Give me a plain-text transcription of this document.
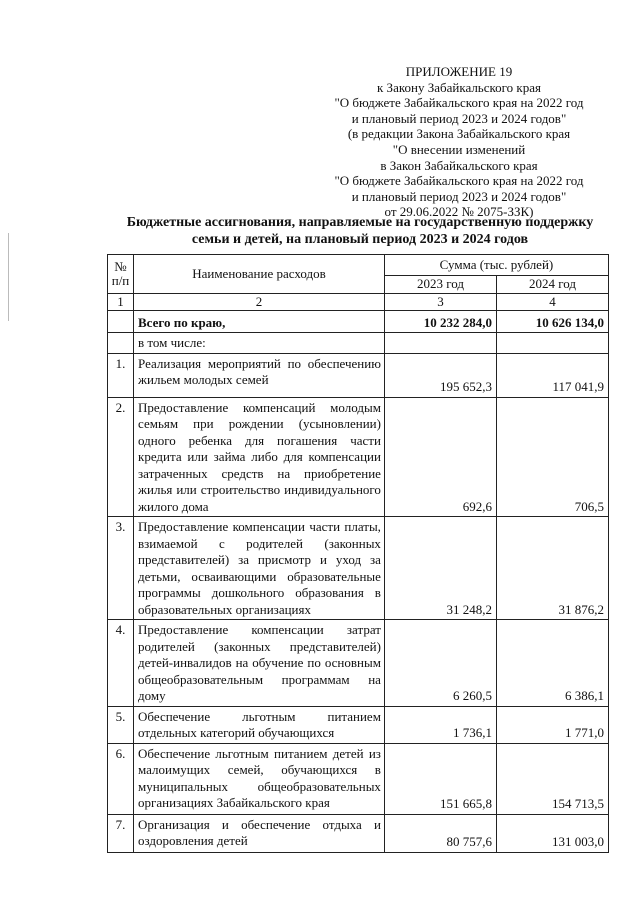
ПРИЛОЖЕНИЕ 19
к Закону Забайкальского края
"О бюджете Забайкальского края на 2022 год
и плановый период 2023 и 2024 годов"
(в редакции Закона Забайкальского края
"О внесении изменений
в Закон Забайкальского края
"О бюджете Забайкальского края на 2022 год
и плановый период 2023 и 2024 годов"
от 29.06.2022 № 2075-ЗЗК)
Бюджетные ассигнования, направляемые на государственную поддержку
семьи и детей, на плановый период 2023 и 2024 годов
№ п/п	Наименование расходов	Сумма (тыс. рублей)	
		2023 год	2024 год
1	2	3	4
	Всего по краю,	10 232 284,0	10 626 134,0
	в том числе:		
1.	Реализация мероприятий по обеспечению жильем молодых семей	195 652,3	117 041,9
2.	Предоставление компенсаций молодым семьям при рождении (усыновлении) одного ребенка для погашения части кредита или займа либо для компенсации затраченных средств на приобретение жилья или строительство индивидуального жилого дома	692,6	706,5
3.	Предоставление компенсации части платы, взимаемой с родителей (законных представителей) за присмотр и уход за детьми, осваивающими образовательные программы дошкольного образования в образовательных организациях	31 248,2	31 876,2
4.	Предоставление компенсации затрат родителей (законных представителей) детей-инвалидов на обучение по основным общеобразовательным программам на дому	6 260,5	6 386,1
5.	Обеспечение льготным питанием отдельных категорий обучающихся	1 736,1	1 771,0
6.	Обеспечение льготным питанием детей из малоимущих семей, обучающихся в муниципальных общеобразовательных организациях Забайкальского края	151 665,8	154 713,5
7.	Организация и обеспечение отдыха и оздоровления детей	80 757,6	131 003,0
